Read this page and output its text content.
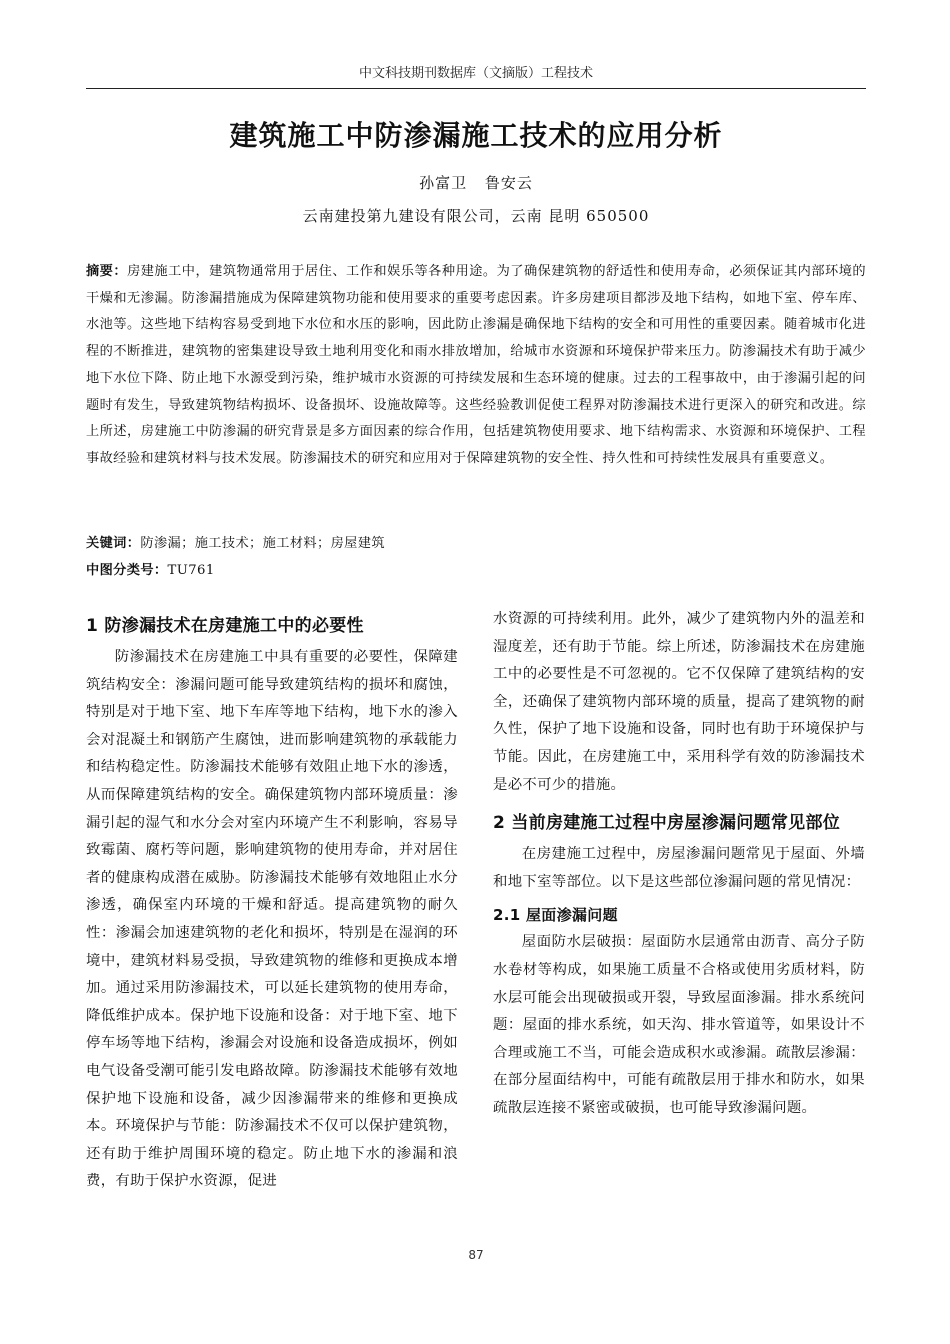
中文科技期刊数据库（文摘版）工程技术
建筑施工中防渗漏施工技术的应用分析
孙富卫 鲁安云
云南建投第九建设有限公司，云南 昆明 650500
摘要：房建施工中，建筑物通常用于居住、工作和娱乐等各种用途。为了确保建筑物的舒适性和使用寿命，必须保证其内部环境的干燥和无渗漏。防渗漏措施成为保障建筑物功能和使用要求的重要考虑因素。许多房建项目都涉及地下结构，如地下室、停车库、水池等。这些地下结构容易受到地下水位和水压的影响，因此防止渗漏是确保地下结构的安全和可用性的重要因素。随着城市化进程的不断推进，建筑物的密集建设导致土地利用变化和雨水排放增加，给城市水资源和环境保护带来压力。防渗漏技术有助于减少地下水位下降、防止地下水源受到污染，维护城市水资源的可持续发展和生态环境的健康。过去的工程事故中，由于渗漏引起的问题时有发生，导致建筑物结构损坏、设备损坏、设施故障等。这些经验教训促使工程界对防渗漏技术进行更深入的研究和改进。综上所述，房建施工中防渗漏的研究背景是多方面因素的综合作用，包括建筑物使用要求、地下结构需求、水资源和环境保护、工程事故经验和建筑材料与技术发展。防渗漏技术的研究和应用对于保障建筑物的安全性、持久性和可持续性发展具有重要意义。
关键词：防渗漏；施工技术；施工材料；房屋建筑
中图分类号：TU761
1 防渗漏技术在房建施工中的必要性

防渗漏技术在房建施工中具有重要的必要性，保障建筑结构安全：渗漏问题可能导致建筑结构的损坏和腐蚀，特别是对于地下室、地下车库等地下结构，地下水的渗入会对混凝土和钢筋产生腐蚀，进而影响建筑物的承载能力和结构稳定性。防渗漏技术能够有效阻止地下水的渗透，从而保障建筑结构的安全。确保建筑物内部环境质量：渗漏引起的湿气和水分会对室内环境产生不利影响，容易导致霉菌、腐朽等问题，影响建筑物的使用寿命，并对居住者的健康构成潜在威胁。防渗漏技术能够有效地阻止水分渗透，确保室内环境的干燥和舒适。提高建筑物的耐久性：渗漏会加速建筑物的老化和损坏，特别是在湿润的环境中，建筑材料易受损，导致建筑物的维修和更换成本增加。通过采用防渗漏技术，可以延长建筑物的使用寿命，降低维护成本。保护地下设施和设备：对于地下室、地下停车场等地下结构，渗漏会对设施和设备造成损坏，例如电气设备受潮可能引发电路故障。防渗漏技术能够有效地保护地下设施和设备，减少因渗漏带来的维修和更换成本。环境保护与节能：防渗漏技术不仅可以保护建筑物，还有助于维护周围环境的稳定。防止地下水的渗漏和浪费，有助于保护水资源，促进

水资源的可持续利用。此外，减少了建筑物内外的温差和湿度差，还有助于节能。综上所述，防渗漏技术在房建施工中的必要性是不可忽视的。它不仅保障了建筑结构的安全，还确保了建筑物内部环境的质量，提高了建筑物的耐久性，保护了地下设施和设备，同时也有助于环境保护与节能。因此，在房建施工中，采用科学有效的防渗漏技术是必不可少的措施。

2 当前房建施工过程中房屋渗漏问题常见部位

在房建施工过程中，房屋渗漏问题常见于屋面、外墙和地下室等部位。以下是这些部位渗漏问题的常见情况：

2.1 屋面渗漏问题

屋面防水层破损：屋面防水层通常由沥青、高分子防水卷材等构成，如果施工质量不合格或使用劣质材料，防水层可能会出现破损或开裂，导致屋面渗漏。排水系统问题：屋面的排水系统，如天沟、排水管道等，如果设计不合理或施工不当，可能会造成积水或渗漏。疏散层渗漏：在部分屋面结构中，可能有疏散层用于排水和防水，如果疏散层连接不紧密或破损，也可能导致渗漏问题。

87
